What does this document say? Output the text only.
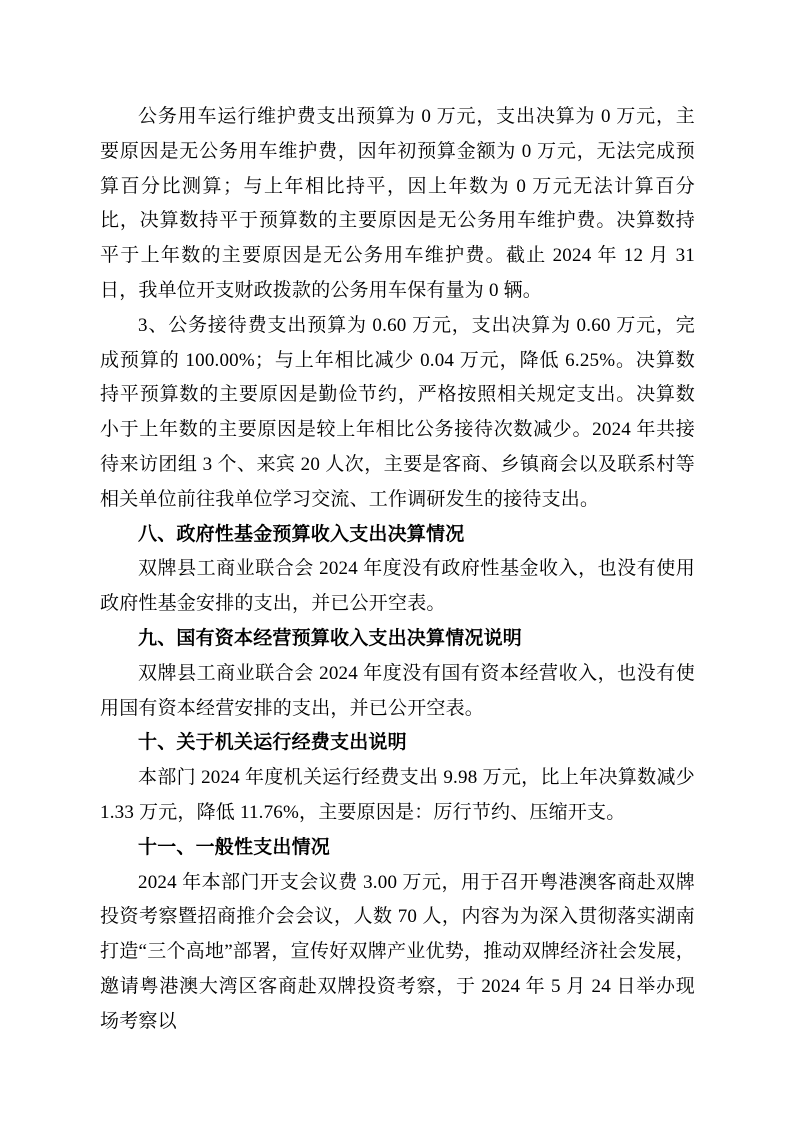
公务用车运行维护费支出预算为 0 万元，支出决算为 0 万元，主要原因是无公务用车维护费，因年初预算金额为 0 万元，无法完成预算百分比测算；与上年相比持平，因上年数为 0 万元无法计算百分比，决算数持平于预算数的主要原因是无公务用车维护费。决算数持平于上年数的主要原因是无公务用车维护费。截止 2024 年 12 月 31 日，我单位开支财政拨款的公务用车保有量为 0 辆。

3、公务接待费支出预算为 0.60 万元，支出决算为 0.60 万元，完成预算的 100.00%；与上年相比减少 0.04 万元，降低 6.25%。决算数持平预算数的主要原因是勤俭节约，严格按照相关规定支出。决算数小于上年数的主要原因是较上年相比公务接待次数减少。2024 年共接待来访团组 3 个、来宾 20 人次，主要是客商、乡镇商会以及联系村等相关单位前往我单位学习交流、工作调研发生的接待支出。

八、政府性基金预算收入支出决算情况

双牌县工商业联合会 2024 年度没有政府性基金收入，也没有使用政府性基金安排的支出，并已公开空表。

九、国有资本经营预算收入支出决算情况说明

双牌县工商业联合会 2024 年度没有国有资本经营收入，也没有使用国有资本经营安排的支出，并已公开空表。

十、关于机关运行经费支出说明

本部门 2024 年度机关运行经费支出 9.98 万元，比上年决算数减少 1.33 万元，降低 11.76%，主要原因是：厉行节约、压缩开支。

十一、一般性支出情况

2024 年本部门开支会议费 3.00 万元，用于召开粤港澳客商赴双牌投资考察暨招商推介会会议，人数 70 人，内容为为深入贯彻落实湖南打造“三个高地”部署，宣传好双牌产业优势，推动双牌经济社会发展，邀请粤港澳大湾区客商赴双牌投资考察，于 2024 年 5 月 24 日举办现场考察以
